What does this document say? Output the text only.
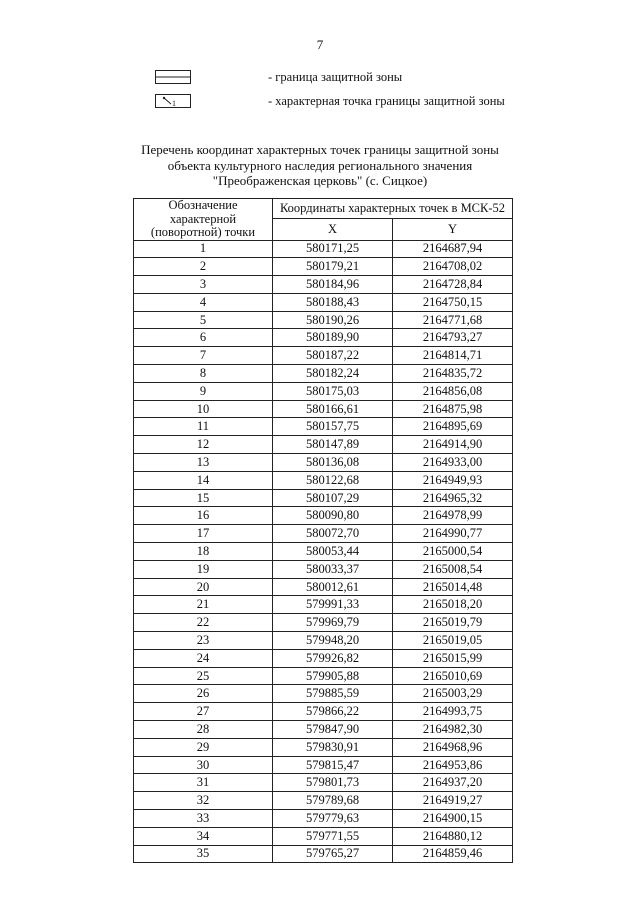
7
- граница защитной зоны
1	- характерная точка границы защитной зоны
Перечень координат характерных точек границы защитной зоны
объекта культурного наследия регионального значения
"Преображенская церковь" (с. Сицкое)
Обозначение характерной (поворотной) точки	Координаты характерных точек в МСК-52	
	X	Y
1	580171,25	2164687,94
2	580179,21	2164708,02
3	580184,96	2164728,84
4	580188,43	2164750,15
5	580190,26	2164771,68
6	580189,90	2164793,27
7	580187,22	2164814,71
8	580182,24	2164835,72
9	580175,03	2164856,08
10	580166,61	2164875,98
11	580157,75	2164895,69
12	580147,89	2164914,90
13	580136,08	2164933,00
14	580122,68	2164949,93
15	580107,29	2164965,32
16	580090,80	2164978,99
17	580072,70	2164990,77
18	580053,44	2165000,54
19	580033,37	2165008,54
20	580012,61	2165014,48
21	579991,33	2165018,20
22	579969,79	2165019,79
23	579948,20	2165019,05
24	579926,82	2165015,99
25	579905,88	2165010,69
26	579885,59	2165003,29
27	579866,22	2164993,75
28	579847,90	2164982,30
29	579830,91	2164968,96
30	579815,47	2164953,86
31	579801,73	2164937,20
32	579789,68	2164919,27
33	579779,63	2164900,15
34	579771,55	2164880,12
35	579765,27	2164859,46
